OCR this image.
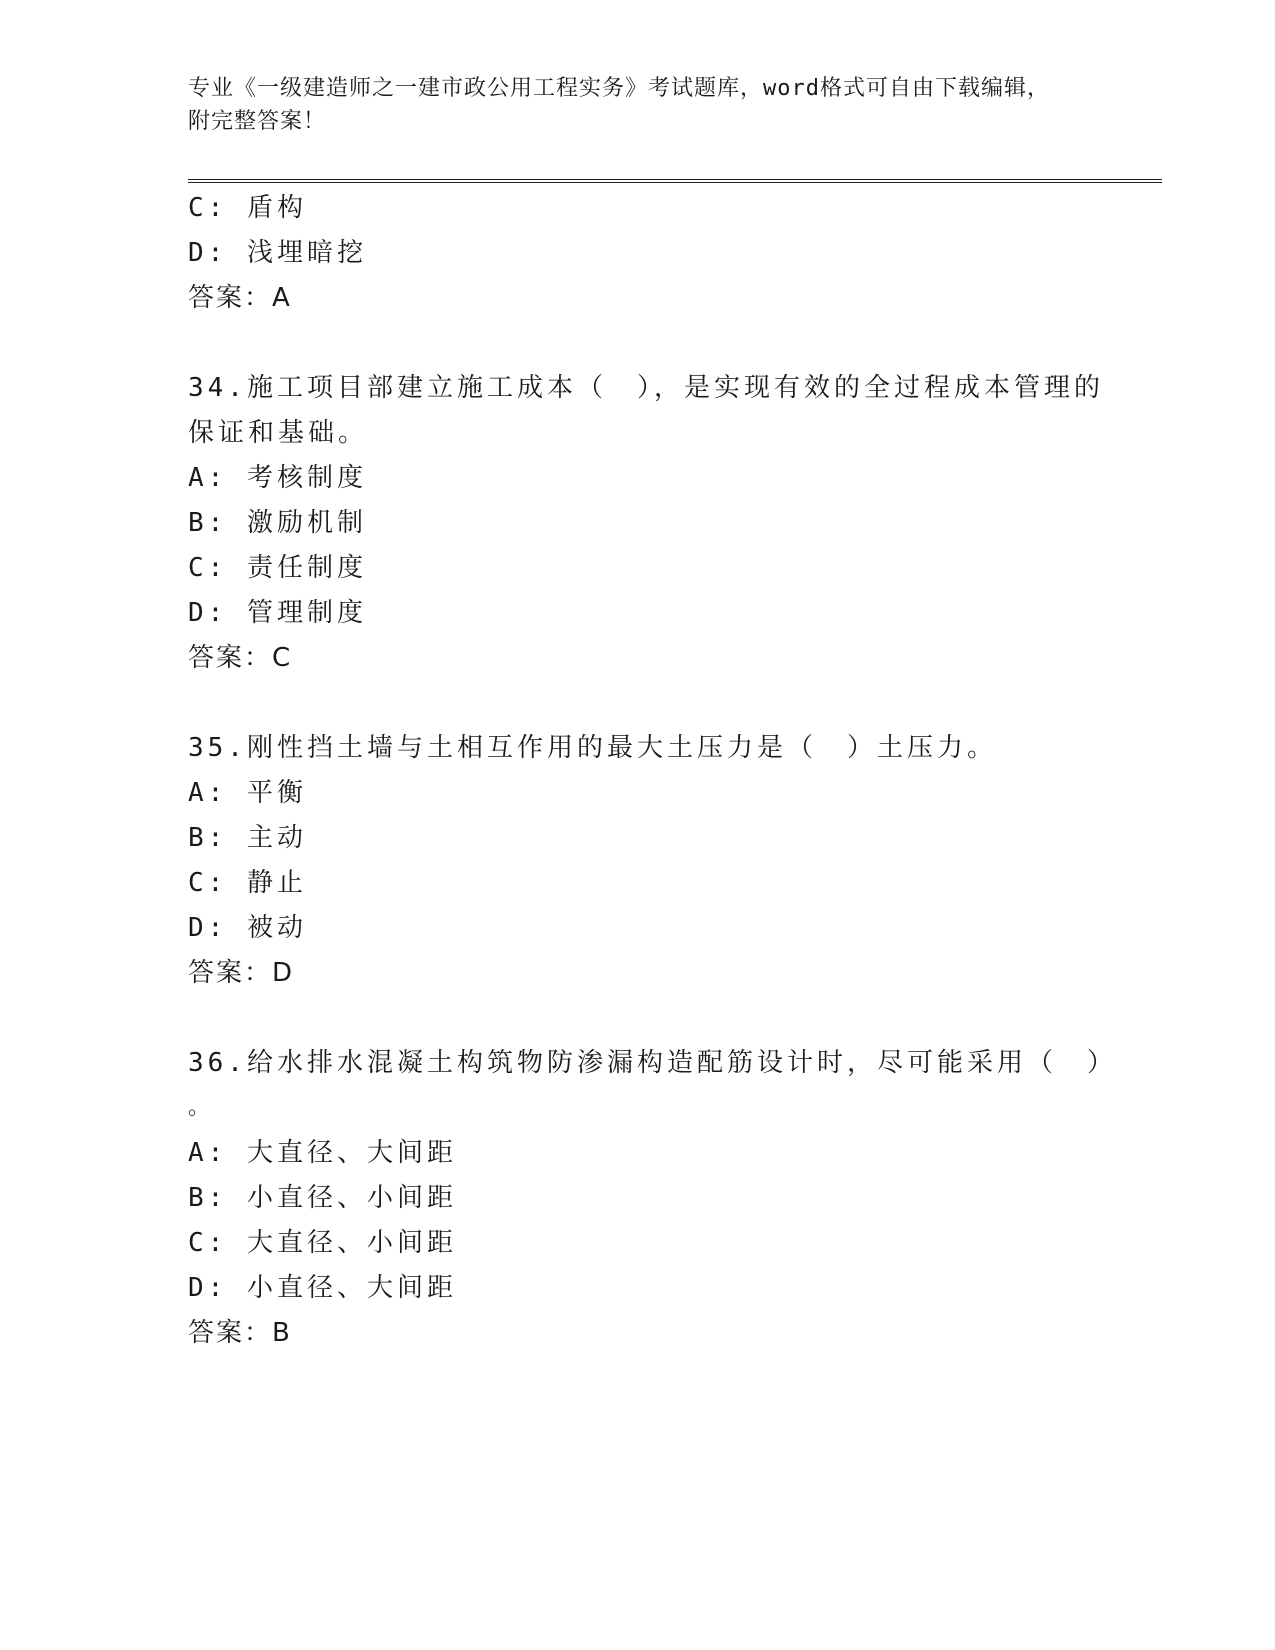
专业《一级建造师之一建市政公用工程实务》考试题库，word格式可自由下载编辑，附完整答案！
C: 盾构
D: 浅埋暗挖
答案：A
34.施工项目部建立施工成本（　），是实现有效的全过程成本管理的
保证和基础。
A: 考核制度
B: 激励机制
C: 责任制度
D: 管理制度
答案：C
35.刚性挡土墙与土相互作用的最大土压力是（　）土压力。
A: 平衡
B: 主动
C: 静止
D: 被动
答案：D
36.给水排水混凝土构筑物防渗漏构造配筋设计时，尽可能采用（　）
。
A: 大直径、大间距
B: 小直径、小间距
C: 大直径、小间距
D: 小直径、大间距
答案：B
